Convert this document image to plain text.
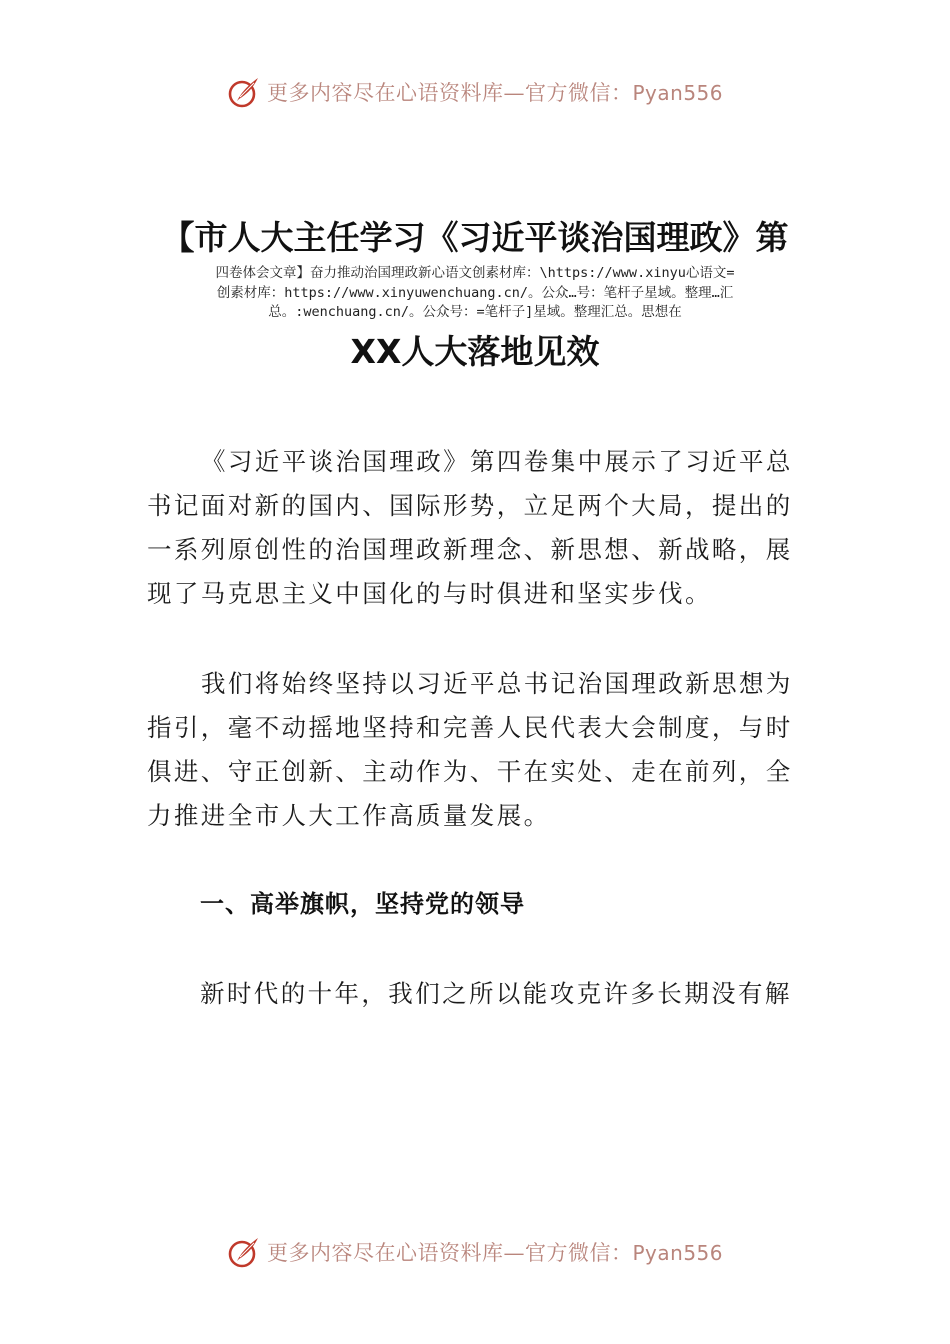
更多内容尽在心语资料库—官方微信：Pyan556
【市人大主任学习《习近平谈治国理政》第
四卷体会文章】奋力推动治国理政新心语文创素材库：\https://www.xinyu心语文=
创素材库：https://www.xinyuwenchuang.cn/。公众…号：笔杆子星域。整理…汇
总。:wenchuang.cn/。公众号：=笔杆子]星域。整理汇总。思想在
XX人大落地见效
《习近平谈治国理政》第四卷集中展示了习近平总
书记面对新的国内、国际形势，立足两个大局，提出的
一系列原创性的治国理政新理念、新思想、新战略，展
现了马克思主义中国化的与时俱进和坚实步伐。
我们将始终坚持以习近平总书记治国理政新思想为
指引，毫不动摇地坚持和完善人民代表大会制度，与时
俱进、守正创新、主动作为、干在实处、走在前列，全
力推进全市人大工作高质量发展。
一、高举旗帜，坚持党的领导
新时代的十年，我们之所以能攻克许多长期没有解
更多内容尽在心语资料库—官方微信：Pyan556
